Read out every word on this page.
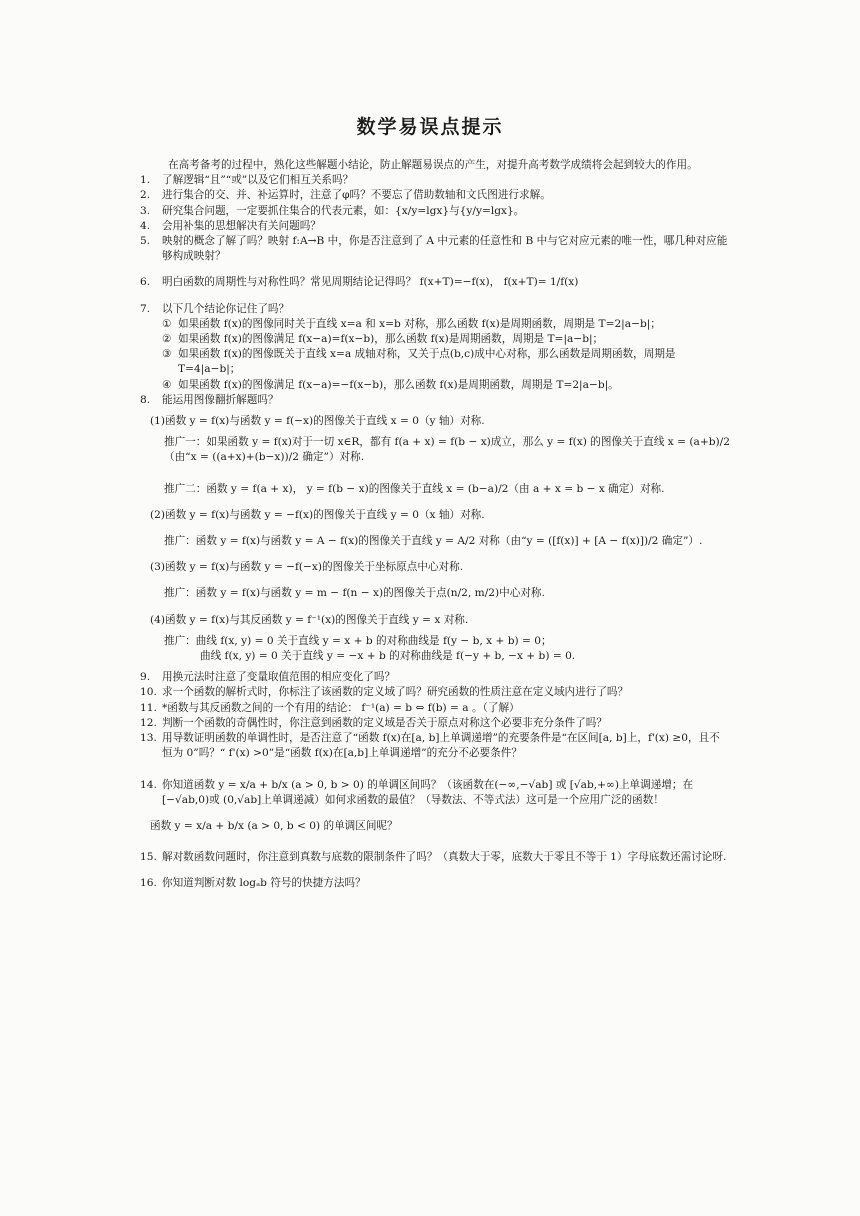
数学易误点提示

在高考备考的过程中，熟化这些解题小结论，防止解题易误点的产生，对提升高考数学成绩将会起到较大的作用。

1.	了解逻辑“且”“或”以及它们相互关系吗？
2.	进行集合的交、并、补运算时，注意了φ吗？不要忘了借助数轴和文氏图进行求解。
3.	研究集合问题，一定要抓住集合的代表元素，如：{x/y=lgx}与{y/y=lgx}。
4.	会用补集的思想解决有关问题吗？
5.	映射的概念了解了吗？映射 f:A→B 中，你是否注意到了 A 中元素的任意性和 B 中与它对应元素的唯一性，哪几种对应能够构成映射？
6.	明白函数的周期性与对称性吗？常见周期结论记得吗？ f(x+T)=−f(x)， f(x+T)= 1/f(x)
7.	以下几个结论你记住了吗？
① 如果函数 f(x)的图像同时关于直线 x=a 和 x=b 对称，那么函数 f(x)是周期函数，周期是 T=2|a−b|；
② 如果函数 f(x)的图像满足 f(x−a)=f(x−b)，那么函数 f(x)是周期函数，周期是 T=|a−b|；
③ 如果函数 f(x)的图像既关于直线 x=a 成轴对称，又关于点(b,c)成中心对称，那么函数是周期函数，周期是 T=4|a−b|；
④ 如果函数 f(x)的图像满足 f(x−a)=−f(x−b)，那么函数 f(x)是周期函数，周期是 T=2|a−b|。
8.	能运用图像翻折解题吗？
(1)函数 y = f(x)与函数 y = f(−x)的图像关于直线 x = 0（y 轴）对称.
推广一：如果函数 y = f(x)对于一切 x∈R，都有 f(a + x) = f(b − x)成立，那么 y = f(x) 的图像关于直线 x = (a+b)/2（由“x = ((a+x)+(b−x))/2 确定”）对称.
推广二：函数 y = f(a + x)， y = f(b − x)的图像关于直线 x = (b−a)/2（由 a + x = b − x 确定）对称.
(2)函数 y = f(x)与函数 y = −f(x)的图像关于直线 y = 0（x 轴）对称.
推广：函数 y = f(x)与函数 y = A − f(x)的图像关于直线 y = A/2 对称（由“y = ([f(x)] + [A − f(x)])/2 确定”）.
(3)函数 y = f(x)与函数 y = −f(−x)的图像关于坐标原点中心对称.
推广：函数 y = f(x)与函数 y = m − f(n − x)的图像关于点(n/2, m/2)中心对称.
(4)函数 y = f(x)与其反函数 y = f⁻¹(x)的图像关于直线 y = x 对称.
推广：曲线 f(x, y) = 0 关于直线 y = x + b 的对称曲线是 f(y − b, x + b) = 0；
曲线 f(x, y) = 0 关于直线 y = −x + b 的对称曲线是 f(−y + b, −x + b) = 0.
9.	用换元法时注意了变量取值范围的相应变化了吗？
10. 求一个函数的解析式时，你标注了该函数的定义域了吗？研究函数的性质注意在定义域内进行了吗？
11. *函数与其反函数之间的一个有用的结论： f⁻¹(a) = b ⇔ f(b) = a 。（了解）
12. 判断一个函数的奇偶性时，你注意到函数的定义域是否关于原点对称这个必要非充分条件了吗？
13. 用导数证明函数的单调性时，是否注意了“函数 f(x)在[a, b]上单调递增”的充要条件是“在区间[a, b]上，f'(x) ≥0，且不恒为 0”吗？“ f'(x) >0”是“函数 f(x)在[a,b]上单调递增”的充分不必要条件？
14. 你知道函数 y = x/a + b/x (a > 0, b > 0) 的单调区间吗？（该函数在(−∞,−√ab] 或 [√ab,+∞)上单调递增；在[−√ab,0)或 (0,√ab]上单调递减）如何求函数的最值？（导数法、不等式法）这可是一个应用广泛的函数！
函数 y = x/a + b/x (a > 0, b < 0) 的单调区间呢？
15. 解对数函数问题时，你注意到真数与底数的限制条件了吗？（真数大于零，底数大于零且不等于 1）字母底数还需讨论呀.
16. 你知道判断对数 logₐb 符号的快捷方法吗？
